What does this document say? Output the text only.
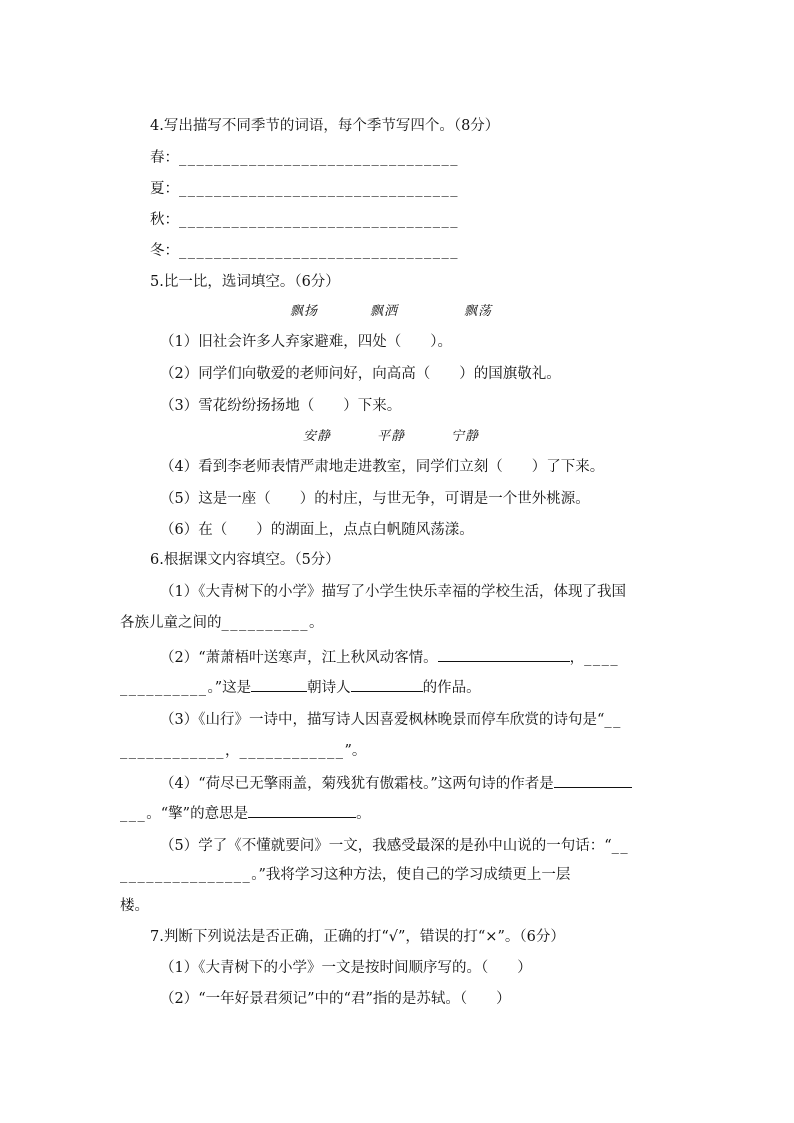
4.写出描写不同季节的词语，每个季节写四个。（8分）
春：________________________________
夏：________________________________
秋：________________________________
冬：________________________________
5.比一比，选词填空。（6分）
飘扬	飘洒	飘荡
（1）旧社会许多人弃家避难，四处（　　）。
（2）同学们向敬爱的老师问好，向高高（　　）的国旗敬礼。
（3）雪花纷纷扬扬地（　　）下来。
安静	平静	宁静
（4）看到李老师表情严肃地走进教室，同学们立刻（　　）了下来。
（5）这是一座（　　）的村庄，与世无争，可谓是一个世外桃源。
（6）在（　　）的湖面上，点点白帆随风荡漾。
6.根据课文内容填空。（5分）
（1）《大青树下的小学》描写了小学生快乐幸福的学校生活，体现了我国
各族儿童之间的__________。
（2）“萧萧梧叶送寒声，江上秋风动客情。	，____
__________。”这是	朝诗人	的作品。
（3）《山行》一诗中，描写诗人因喜爱枫林晚景而停车欣赏的诗句是“__
____________，____________”。
（4）“荷尽已无擎雨盖，菊残犹有傲霜枝。”这两句诗的作者是
___。“擎”的意思是	。
（5）学了《不懂就要问》一文，我感受最深的是孙中山说的一句话：“__
_______________。”我将学习这种方法，使自己的学习成绩更上一层
楼。
7.判断下列说法是否正确，正确的打“√”，错误的打“×”。（6分）
（1）《大青树下的小学》一文是按时间顺序写的。（　　）
（2）“一年好景君须记”中的“君”指的是苏轼。（　　）
